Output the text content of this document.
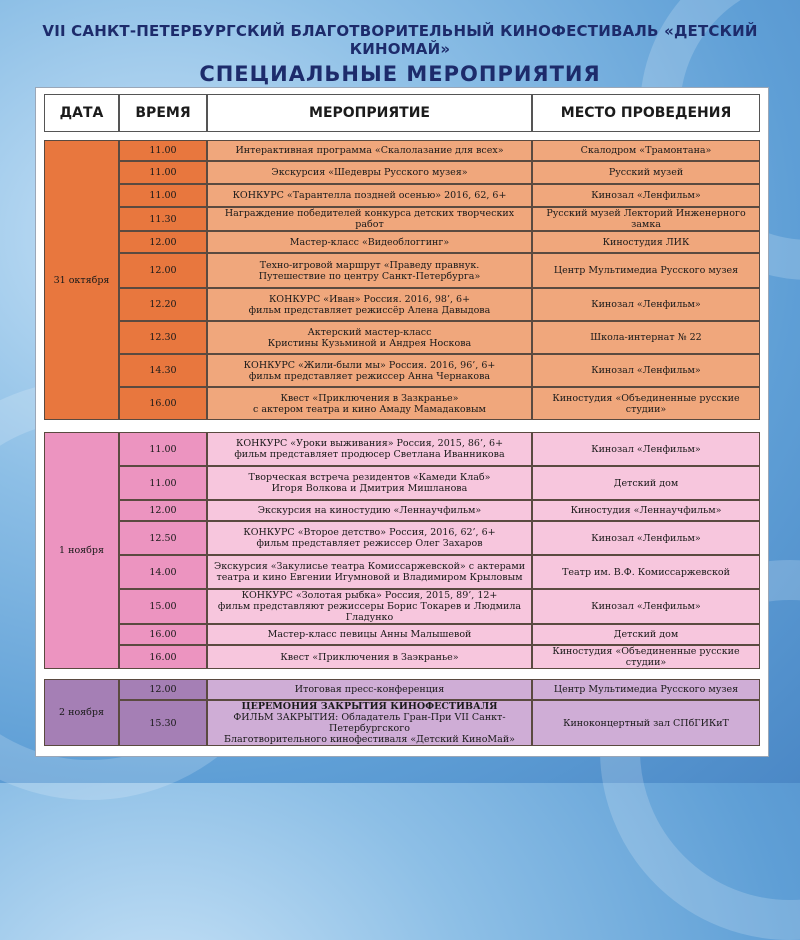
VII САНКТ-ПЕТЕРБУРГСКИЙ БЛАГОТВОРИТЕЛЬНЫЙ КИНОФЕСТИВАЛЬ «ДЕТСКИЙ КИНОМАЙ»
СПЕЦИАЛЬНЫЕ МЕРОПРИЯТИЯ
ДАТА	ВРЕМЯ	МЕРОПРИЯТИЕ	МЕСТО ПРОВЕДЕНИЯ
31 октября	11.00	Интерактивная программа «Скалолазание для всех»	Скалодром «Трамонтана»
	11.00	Экскурсия «Шедевры Русского музея»	Русский музей
	11.00	КОНКУРС «Тарантелла поздней осенью» 2016, 62, 6+	Кинозал «Ленфильм»
	11.30	Награждение победителей конкурса детских творческих работ	Русский музей Лекторий Инженерного замка
	12.00	Мастер-класс «Видеоблоггинг»	Киностудия ЛИК
	12.00	Техно-игровой маршрут «Праведу правнук.
Путешествие по центру Санкт-Петербурга»	Центр Мультимедиа Русского музея
	12.20	КОНКУРС «Иван» Россия. 2016, 98’, 6+
фильм представляет режиссёр Алена Давыдова	Кинозал «Ленфильм»
	12.30	Актерский мастер-класс
Кристины Кузьминой и Андрея Носкова	Школа-интернат № 22
	14.30	КОНКУРС «Жили-были мы» Россия. 2016, 96’, 6+
фильм представляет режиссер Анна Чернакова	Кинозал «Ленфильм»
	16.00	Квест «Приключения в Зазкранье»
с актером театра и кино Амаду Мамадаковым	Киностудия «Объединенные русские студии»
1 ноября	11.00	КОНКУРС «Уроки выживания» Россия, 2015, 86’, 6+
фильм представляет продюсер Светлана Иванникова	Кинозал «Ленфильм»
	11.00	Творческая встреча резидентов «Камеди Клаб»
Игоря Волкова и Дмитрия Мишланова	Детский дом
	12.00	Экскурсия на киностудию «Леннаучфильм»	Киностудия «Леннаучфильм»
	12.50	КОНКУРС «Второе детство» Россия, 2016, 62’, 6+
фильм представляет режиссер Олег Захаров	Кинозал «Ленфильм»
	14.00	Экскурсия «Закулисье театра Комиссаржевской» с актерами
театра и кино Евгении Игумновой и Владимиром Крыловым	Театр им. В.Ф. Комиссаржевской
	15.00	КОНКУРС «Золотая рыбка» Россия, 2015, 89’, 12+
фильм представляют режиссеры Борис Токарев и Людмила Гладунко	Кинозал «Ленфильм»
	16.00	Мастер-класс певицы Анны Малышевой	Детский дом
	16.00	Квест «Приключения в Заэкранье»	Киностудия «Объединенные русские студии»
2 ноября	12.00	Итоговая пресс-конференция	Центр Мультимедиа Русского музея
	15.30	ЦЕРЕМОНИЯ ЗАКРЫТИЯ КИНОФЕСТИВАЛЯ
ФИЛЬМ ЗАКРЫТИЯ: Обладатель Гран-При VII Санкт-Петербургского
Благотворительного кинофестиваля «Детский КиноМай»	Киноконцертный зал СПбГИКиТ
